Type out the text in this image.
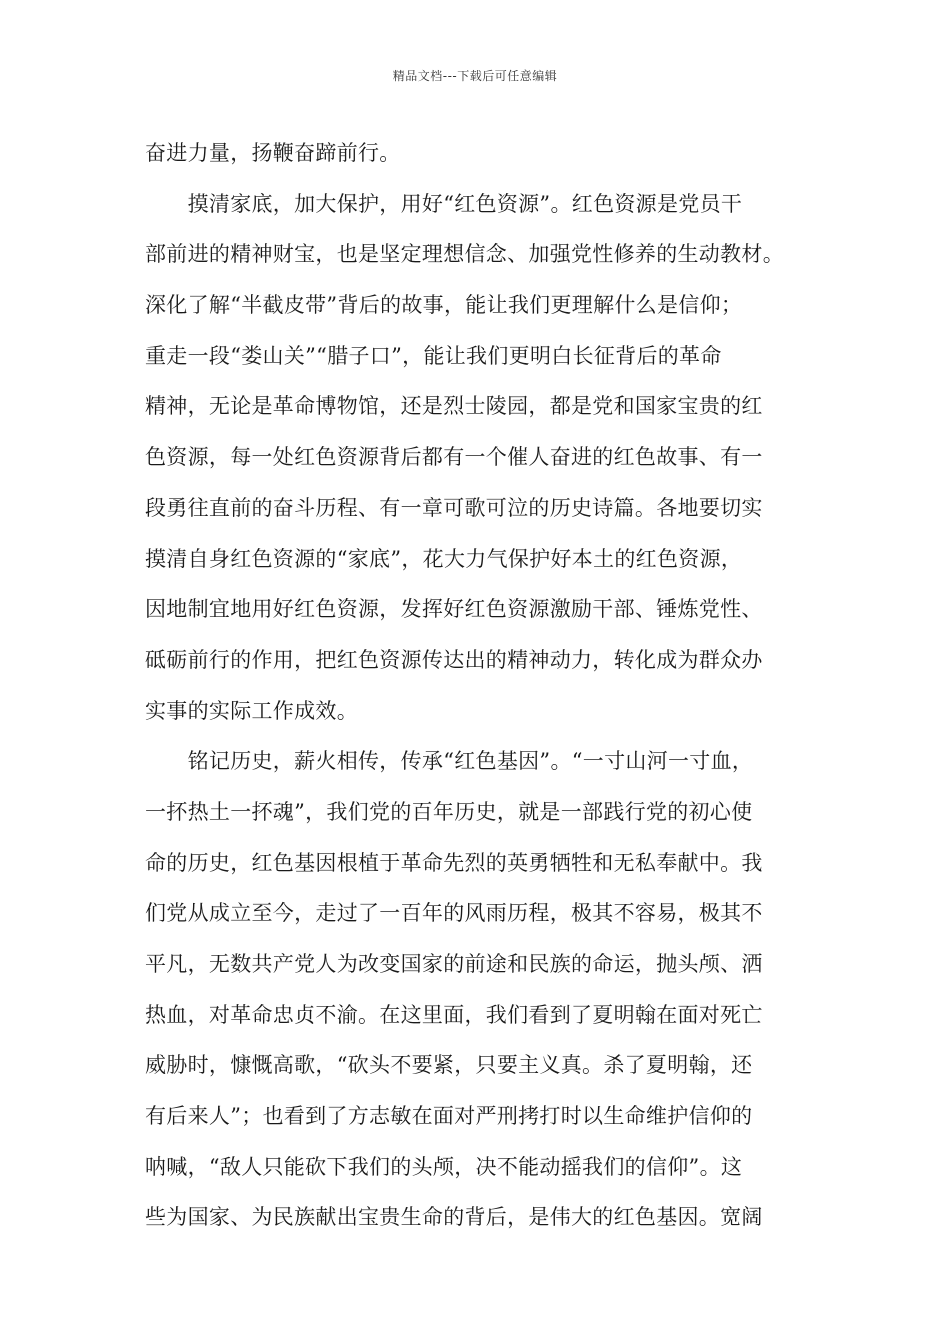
精品文档---下载后可任意编辑
奋进力量，扬鞭奋蹄前行。
　　摸清家底，加大保护，用好“红色资源”。红色资源是党员干
部前进的精神财宝，也是坚定理想信念、加强党性修养的生动教材。
深化了解“半截皮带”背后的故事，能让我们更理解什么是信仰；
重走一段“娄山关”“腊子口”，能让我们更明白长征背后的革命
精神，无论是革命博物馆，还是烈士陵园，都是党和国家宝贵的红
色资源，每一处红色资源背后都有一个催人奋进的红色故事、有一
段勇往直前的奋斗历程、有一章可歌可泣的历史诗篇。各地要切实
摸清自身红色资源的“家底”，花大力气保护好本土的红色资源，
因地制宜地用好红色资源，发挥好红色资源激励干部、锤炼党性、
砥砺前行的作用，把红色资源传达出的精神动力，转化成为群众办
实事的实际工作成效。
　　铭记历史，薪火相传，传承“红色基因”。“一寸山河一寸血，
一抔热土一抔魂”，我们党的百年历史，就是一部践行党的初心使
命的历史，红色基因根植于革命先烈的英勇牺牲和无私奉献中。我
们党从成立至今，走过了一百年的风雨历程，极其不容易，极其不
平凡，无数共产党人为改变国家的前途和民族的命运，抛头颅、洒
热血，对革命忠贞不渝。在这里面，我们看到了夏明翰在面对死亡
威胁时，慷慨高歌，“砍头不要紧，只要主义真。杀了夏明翰，还
有后来人”；也看到了方志敏在面对严刑拷打时以生命维护信仰的
呐喊，“敌人只能砍下我们的头颅，决不能动摇我们的信仰”。这
些为国家、为民族献出宝贵生命的背后，是伟大的红色基因。宽阔
